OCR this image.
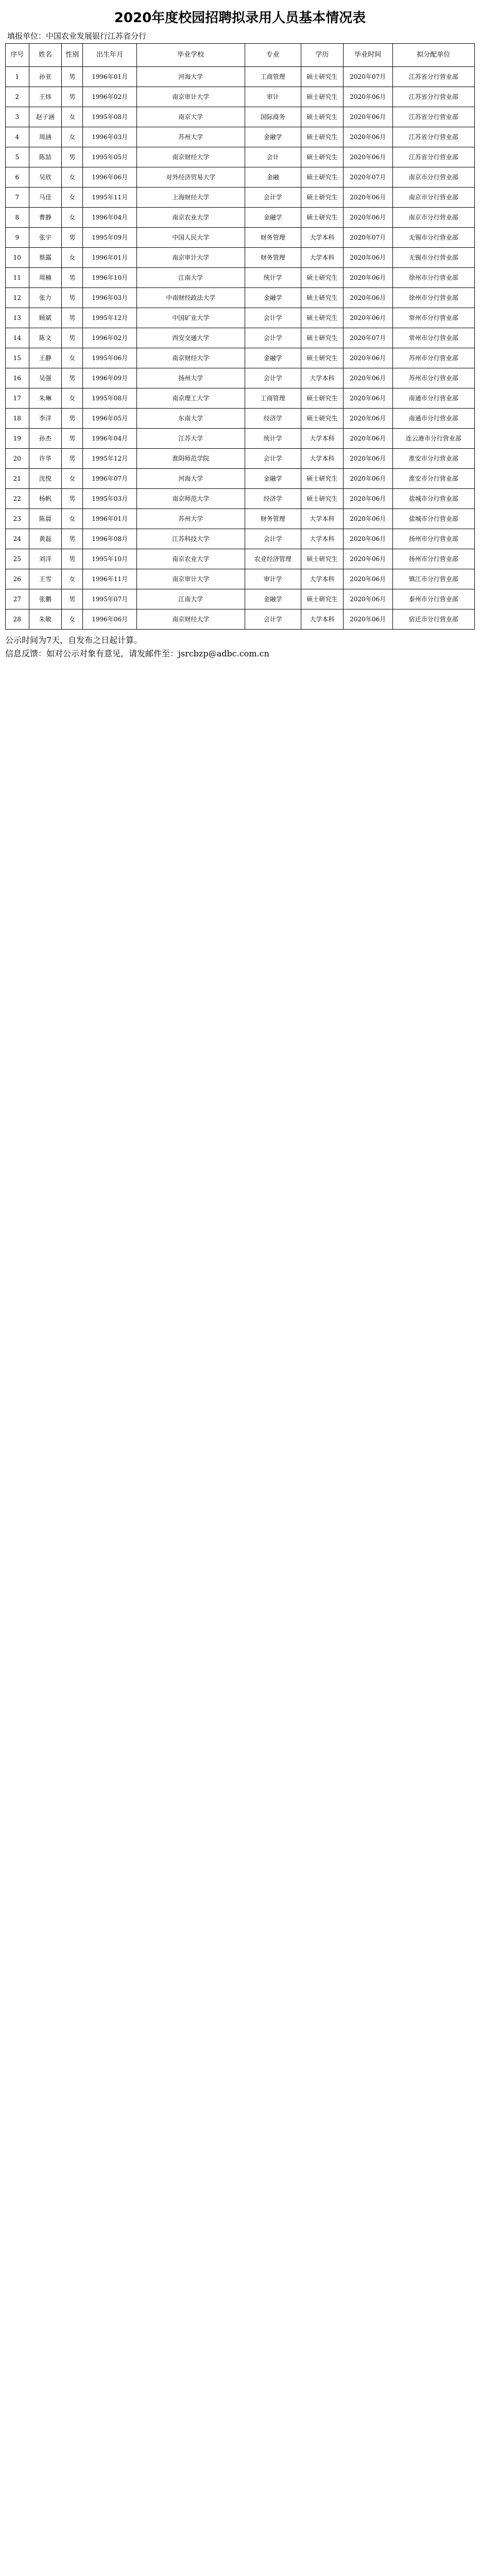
2020年度校园招聘拟录用人员基本情况表
填报单位：中国农业发展银行江苏省分行
序号	姓名	性别	出生年月	毕业学校	专业	学历	毕业时间	拟分配单位
1	孙亚	男	1996年01月	河海大学	工商管理	硕士研究生	2020年07月	江苏省分行营业部
2	王炜	男	1996年02月	南京审计大学	审计	硕士研究生	2020年06月	江苏省分行营业部
3	赵子涵	女	1995年08月	南京大学	国际商务	硕士研究生	2020年06月	江苏省分行营业部
4	周涵	女	1996年03月	苏州大学	金融学	硕士研究生	2020年06月	江苏省分行营业部
5	陈喆	男	1995年05月	南京财经大学	会计	硕士研究生	2020年06月	江苏省分行营业部
6	吴欣	女	1996年06月	对外经济贸易大学	金融	硕士研究生	2020年07月	南京市分行营业部
7	马佳	女	1995年11月	上海财经大学	会计学	硕士研究生	2020年06月	南京市分行营业部
8	曹静	女	1996年04月	南京农业大学	金融学	硕士研究生	2020年06月	南京市分行营业部
9	张宇	男	1995年09月	中国人民大学	财务管理	大学本科	2020年07月	无锡市分行营业部
10	蔡露	女	1996年01月	南京审计大学	财务管理	大学本科	2020年06月	无锡市分行营业部
11	周楠	男	1996年10月	江南大学	统计学	硕士研究生	2020年06月	徐州市分行营业部
12	张力	男	1996年03月	中南财经政法大学	金融学	硕士研究生	2020年06月	徐州市分行营业部
13	顾斌	男	1995年12月	中国矿业大学	会计学	硕士研究生	2020年06月	常州市分行营业部
14	陈文	男	1996年02月	西安交通大学	会计学	硕士研究生	2020年07月	常州市分行营业部
15	王静	女	1995年06月	南京财经大学	金融学	硕士研究生	2020年06月	苏州市分行营业部
16	吴强	男	1996年09月	扬州大学	会计学	大学本科	2020年06月	苏州市分行营业部
17	朱琳	女	1995年08月	南京理工大学	工商管理	硕士研究生	2020年06月	南通市分行营业部
18	李洋	男	1996年05月	东南大学	经济学	硕士研究生	2020年06月	南通市分行营业部
19	孙杰	男	1996年04月	江苏大学	统计学	大学本科	2020年06月	连云港市分行营业部
20	许华	男	1995年12月	淮阴师范学院	会计学	大学本科	2020年06月	淮安市分行营业部
21	沈悦	女	1996年07月	河海大学	金融学	硕士研究生	2020年06月	淮安市分行营业部
22	杨帆	男	1995年03月	南京师范大学	经济学	硕士研究生	2020年06月	盐城市分行营业部
23	陈晨	女	1996年01月	苏州大学	财务管理	大学本科	2020年06月	盐城市分行营业部
24	黄磊	男	1996年08月	江苏科技大学	会计学	大学本科	2020年06月	扬州市分行营业部
25	刘洋	男	1995年10月	南京农业大学	农业经济管理	硕士研究生	2020年06月	扬州市分行营业部
26	王雪	女	1996年11月	南京审计大学	审计学	大学本科	2020年06月	镇江市分行营业部
27	张鹏	男	1995年07月	江南大学	金融学	硕士研究生	2020年06月	泰州市分行营业部
28	朱敏	女	1996年06月	南京财经大学	会计学	大学本科	2020年06月	宿迁市分行营业部
公示时间为7天，自发布之日起计算。
信息反馈：如对公示对象有意见，请发邮件至：jsrcbzp@adbc.com.cn
